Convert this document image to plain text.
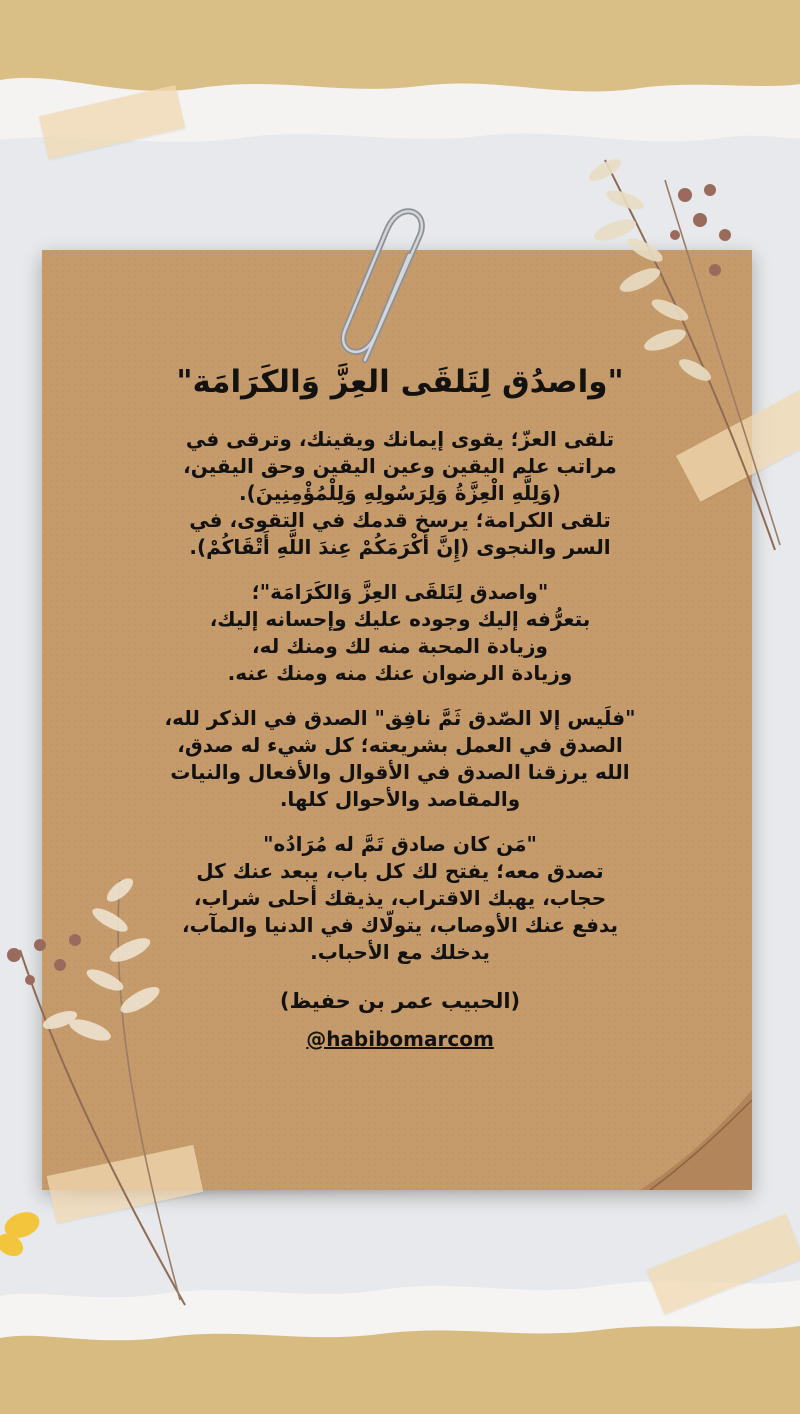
"واصدُق لِتَلقَى العِزَّ وَالكَرَامَة"
تلقى العزّ؛ يقوى إيمانك ويقينك، وترقى في
مراتب علم اليقين وعين اليقين وحق اليقين،
(وَلِلَّهِ الْعِزَّةُ وَلِرَسُولِهِ وَلِلْمُؤْمِنِينَ).
تلقى الكرامة؛ يرسخ قدمك في التقوى، في
السر والنجوى (إِنَّ أَكْرَمَكُمْ عِندَ اللَّهِ أَتْقَاكُمْ).
"واصدق لِتَلقَى العِزَّ وَالكَرَامَة"؛
بتعرُّفه إليك وجوده عليك وإحسانه إليك،
وزيادة المحبة منه لك ومنك له،
وزيادة الرضوان عنك منه ومنك عنه.
"فلَيس إلا الصّدق ثَمَّ نافِق" الصدق في الذكر لله،
الصدق في العمل بشريعته؛ كل شيء له صدق،
الله يرزقنا الصدق في الأقوال والأفعال والنيات
والمقاصد والأحوال كلها.
"مَن كان صادق تَمَّ له مُرَادُه"
تصدق معه؛ يفتح لك كل باب، يبعد عنك كل
حجاب، يهبك الاقتراب، يذيقك أحلى شراب،
يدفع عنك الأوصاب، يتولّاك في الدنيا والمآب،
يدخلك مع الأحباب.
(الحبيب عمر بن حفيظ)
@habibomarcom
